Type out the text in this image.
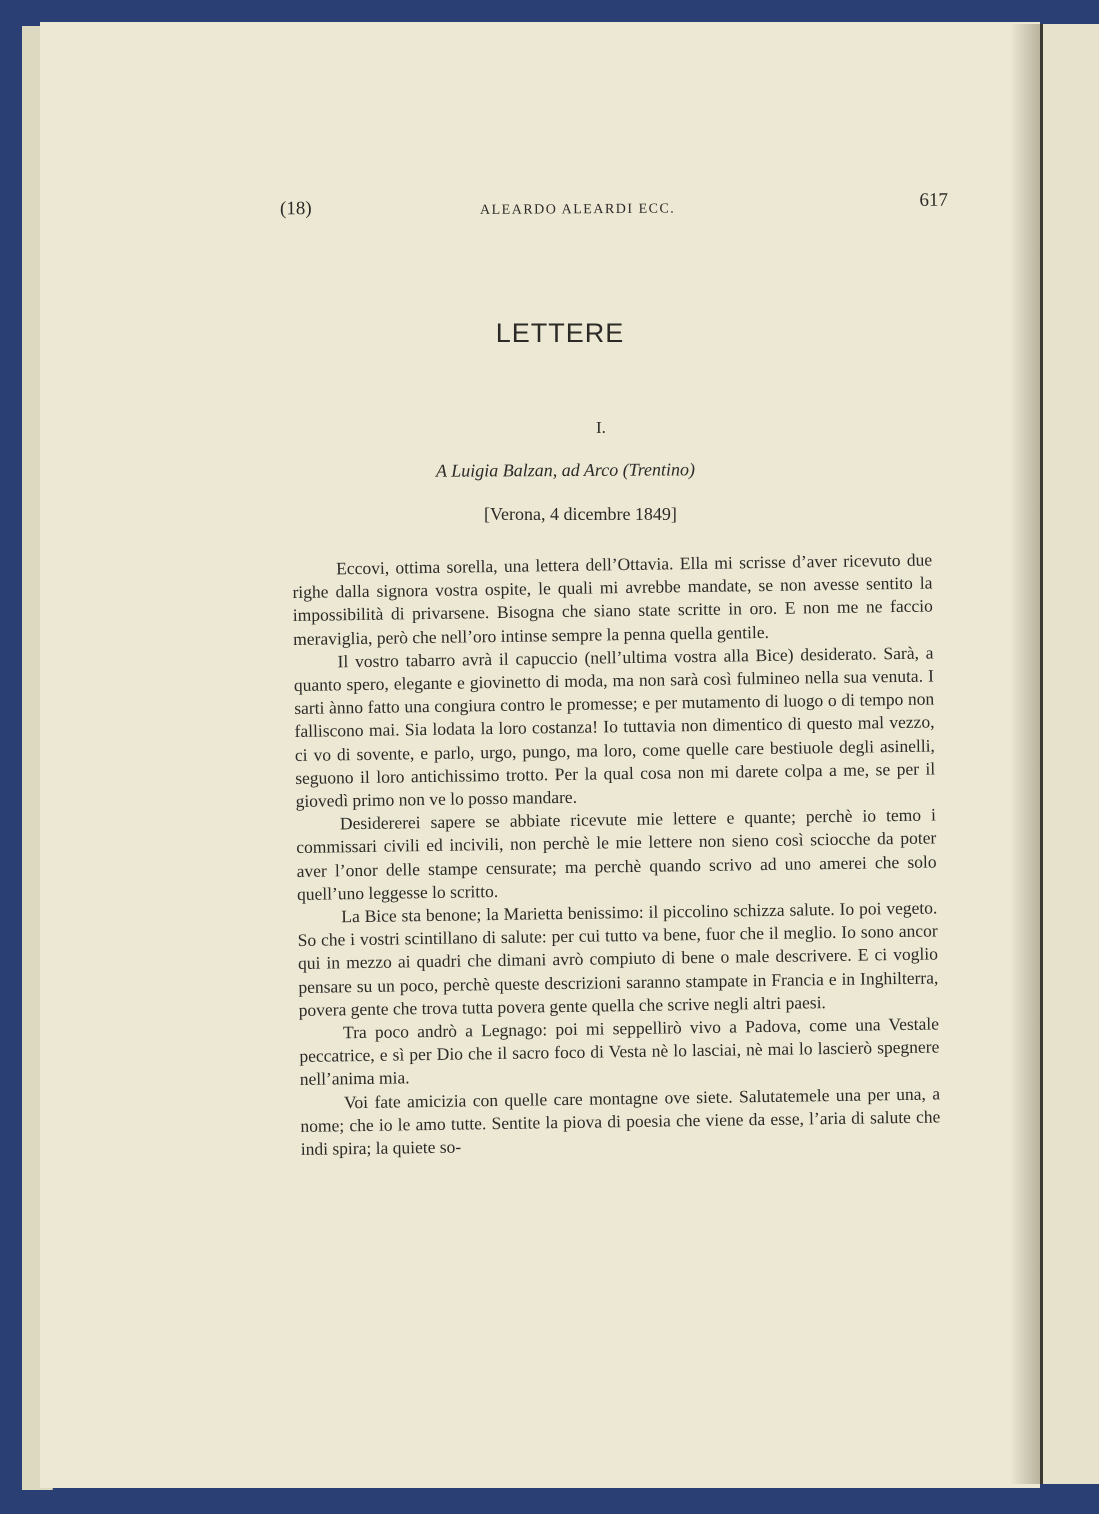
(18)	ALEARDO ALEARDI ECC.	617
LETTERE
I.
A Luigia Balzan, ad Arco (Trentino)
[Verona, 4 dicembre 1849]

Eccovi, ottima sorella, una lettera dell’Ottavia. Ella mi scrisse d’aver ricevuto due righe dalla signora vostra ospite, le quali mi avrebbe mandate, se non avesse sentito la impossibilità di privarsene. Bisogna che siano state scritte in oro. E non me ne faccio meraviglia, però che nell’oro intinse sempre la penna quella gentile.

Il vostro tabarro avrà il capuccio (nell’ultima vostra alla Bice) desiderato. Sarà, a quanto spero, elegante e giovinetto di moda, ma non sarà così fulmineo nella sua venuta. I sarti ànno fatto una congiura contro le promesse; e per mutamento di luogo o di tempo non falliscono mai. Sia lodata la loro costanza! Io tuttavia non dimentico di questo mal vezzo, ci vo di sovente, e parlo, urgo, pungo, ma loro, come quelle care bestiuole degli asinelli, seguono il loro antichissimo trotto. Per la qual cosa non mi darete colpa a me, se per il giovedì primo non ve lo posso mandare.

Desidererei sapere se abbiate ricevute mie lettere e quante; perchè io temo i commissari civili ed incivili, non perchè le mie lettere non sieno così sciocche da poter aver l’onor delle stampe censurate; ma perchè quando scrivo ad uno amerei che solo quell’uno leggesse lo scritto.

La Bice sta benone; la Marietta benissimo: il piccolino schizza salute. Io poi vegeto. So che i vostri scintillano di salute: per cui tutto va bene, fuor che il meglio. Io sono ancor qui in mezzo ai quadri che dimani avrò compiuto di bene o male descrivere. E ci voglio pensare su un poco, perchè queste descrizioni saranno stampate in Francia e in Inghilterra, povera gente che trova tutta povera gente quella che scrive negli altri paesi.

Tra poco andrò a Legnago: poi mi seppellirò vivo a Padova, come una Vestale peccatrice, e sì per Dio che il sacro foco di Vesta nè lo lasciai, nè mai lo lascierò spegnere nell’anima mia.

Voi fate amicizia con quelle care montagne ove siete. Salutatemele una per una, a nome; che io le amo tutte. Sentite la piova di poesia che viene da esse, l’aria di salute che indi spira; la quiete so-
